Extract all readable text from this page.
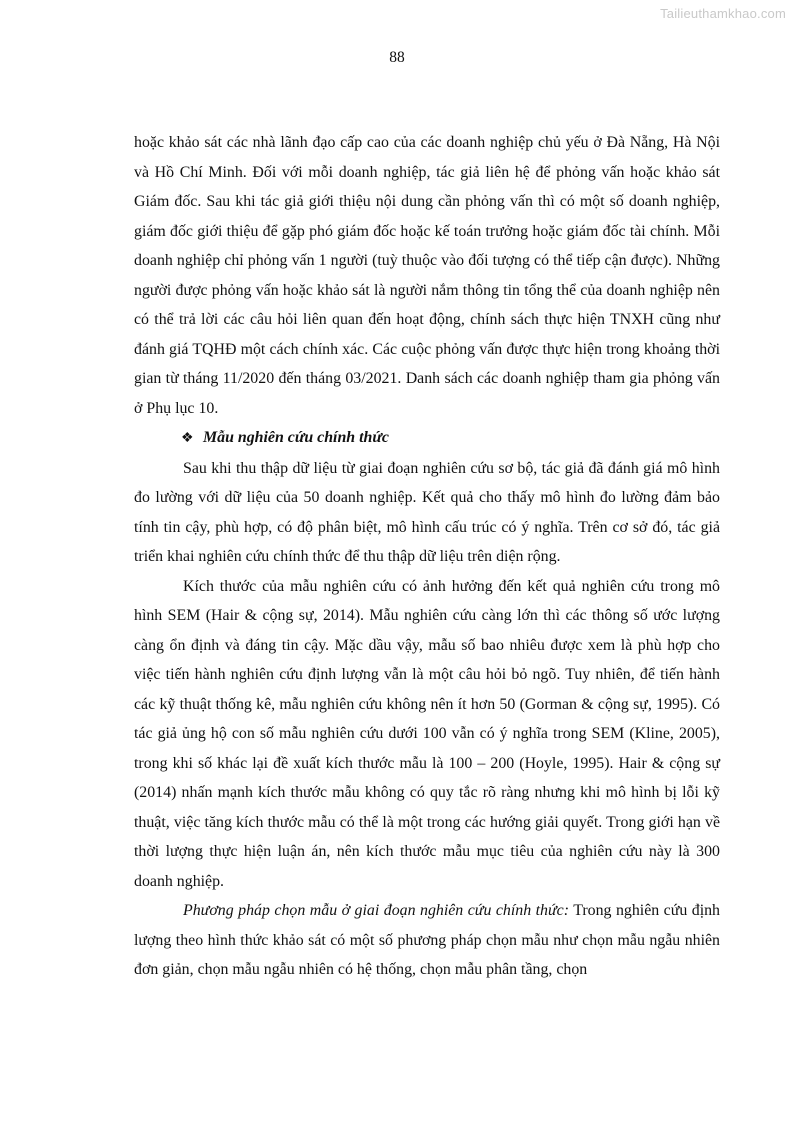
Tailieuthamkhao.com
88

hoặc khảo sát các nhà lãnh đạo cấp cao của các doanh nghiệp chủ yếu ở Đà Nẵng, Hà Nội và Hồ Chí Minh. Đối với mỗi doanh nghiệp, tác giả liên hệ để phỏng vấn hoặc khảo sát Giám đốc. Sau khi tác giả giới thiệu nội dung cần phỏng vấn thì có một số doanh nghiệp, giám đốc giới thiệu để gặp phó giám đốc hoặc kế toán trưởng hoặc giám đốc tài chính. Mỗi doanh nghiệp chỉ phỏng vấn 1 người (tuỳ thuộc vào đối tượng có thể tiếp cận được). Những người được phỏng vấn hoặc khảo sát là người nắm thông tin tổng thể của doanh nghiệp nên có thể trả lời các câu hỏi liên quan đến hoạt động, chính sách thực hiện TNXH cũng như đánh giá TQHĐ một cách chính xác. Các cuộc phỏng vấn được thực hiện trong khoảng thời gian từ tháng 11/2020 đến tháng 03/2021. Danh sách các doanh nghiệp tham gia phỏng vấn ở Phụ lục 10.

❖ Mẫu nghiên cứu chính thức

Sau khi thu thập dữ liệu từ giai đoạn nghiên cứu sơ bộ, tác giả đã đánh giá mô hình đo lường với dữ liệu của 50 doanh nghiệp. Kết quả cho thấy mô hình đo lường đảm bảo tính tin cậy, phù hợp, có độ phân biệt, mô hình cấu trúc có ý nghĩa. Trên cơ sở đó, tác giả triển khai nghiên cứu chính thức để thu thập dữ liệu trên diện rộng.

Kích thước của mẫu nghiên cứu có ảnh hưởng đến kết quả nghiên cứu trong mô hình SEM (Hair & cộng sự, 2014). Mẫu nghiên cứu càng lớn thì các thông số ước lượng càng ổn định và đáng tin cậy. Mặc dầu vậy, mẫu số bao nhiêu được xem là phù hợp cho việc tiến hành nghiên cứu định lượng vẫn là một câu hỏi bỏ ngõ. Tuy nhiên, để tiến hành các kỹ thuật thống kê, mẫu nghiên cứu không nên ít hơn 50 (Gorman & cộng sự, 1995). Có tác giả ủng hộ con số mẫu nghiên cứu dưới 100 vẫn có ý nghĩa trong SEM (Kline, 2005), trong khi số khác lại đề xuất kích thước mẫu là 100 – 200 (Hoyle, 1995). Hair & cộng sự (2014) nhấn mạnh kích thước mẫu không có quy tắc rõ ràng nhưng khi mô hình bị lỗi kỹ thuật, việc tăng kích thước mẫu có thể là một trong các hướng giải quyết. Trong giới hạn về thời lượng thực hiện luận án, nên kích thước mẫu mục tiêu của nghiên cứu này là 300 doanh nghiệp.

Phương pháp chọn mẫu ở giai đoạn nghiên cứu chính thức: Trong nghiên cứu định lượng theo hình thức khảo sát có một số phương pháp chọn mẫu như chọn mẫu ngẫu nhiên đơn giản, chọn mẫu ngẫu nhiên có hệ thống, chọn mẫu phân tầng, chọn
